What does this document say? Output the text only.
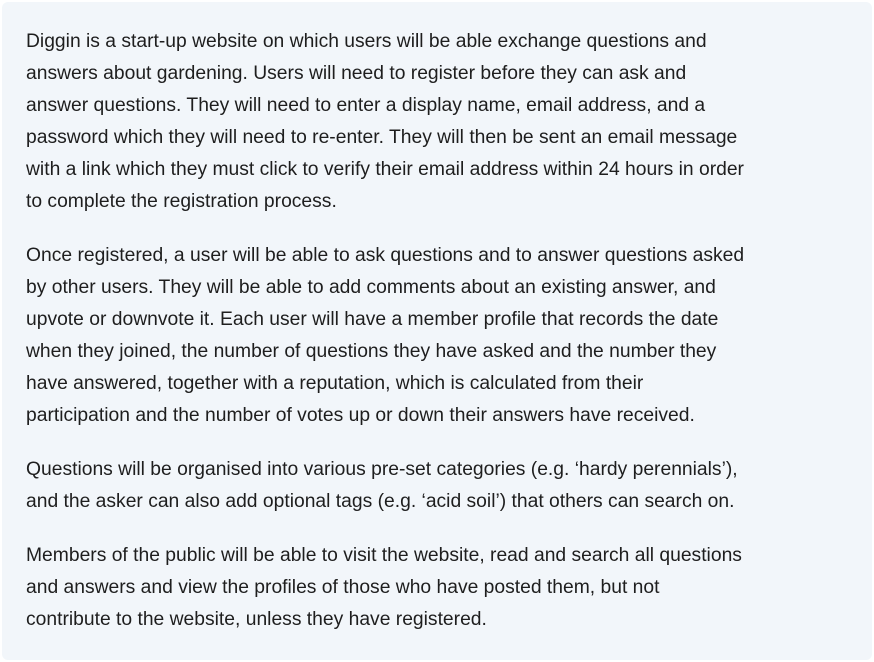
Diggin is a start-up website on which users will be able exchange questions and
answers about gardening. Users will need to register before they can ask and
answer questions. They will need to enter a display name, email address, and a
password which they will need to re-enter. They will then be sent an email message
with a link which they must click to verify their email address within 24 hours in order
to complete the registration process.

Once registered, a user will be able to ask questions and to answer questions asked
by other users. They will be able to add comments about an existing answer, and
upvote or downvote it. Each user will have a member profile that records the date
when they joined, the number of questions they have asked and the number they
have answered, together with a reputation, which is calculated from their
participation and the number of votes up or down their answers have received.

Questions will be organised into various pre-set categories (e.g. ‘hardy perennials’),
and the asker can also add optional tags (e.g. ‘acid soil’) that others can search on.

Members of the public will be able to visit the website, read and search all questions
and answers and view the profiles of those who have posted them, but not
contribute to the website, unless they have registered.
